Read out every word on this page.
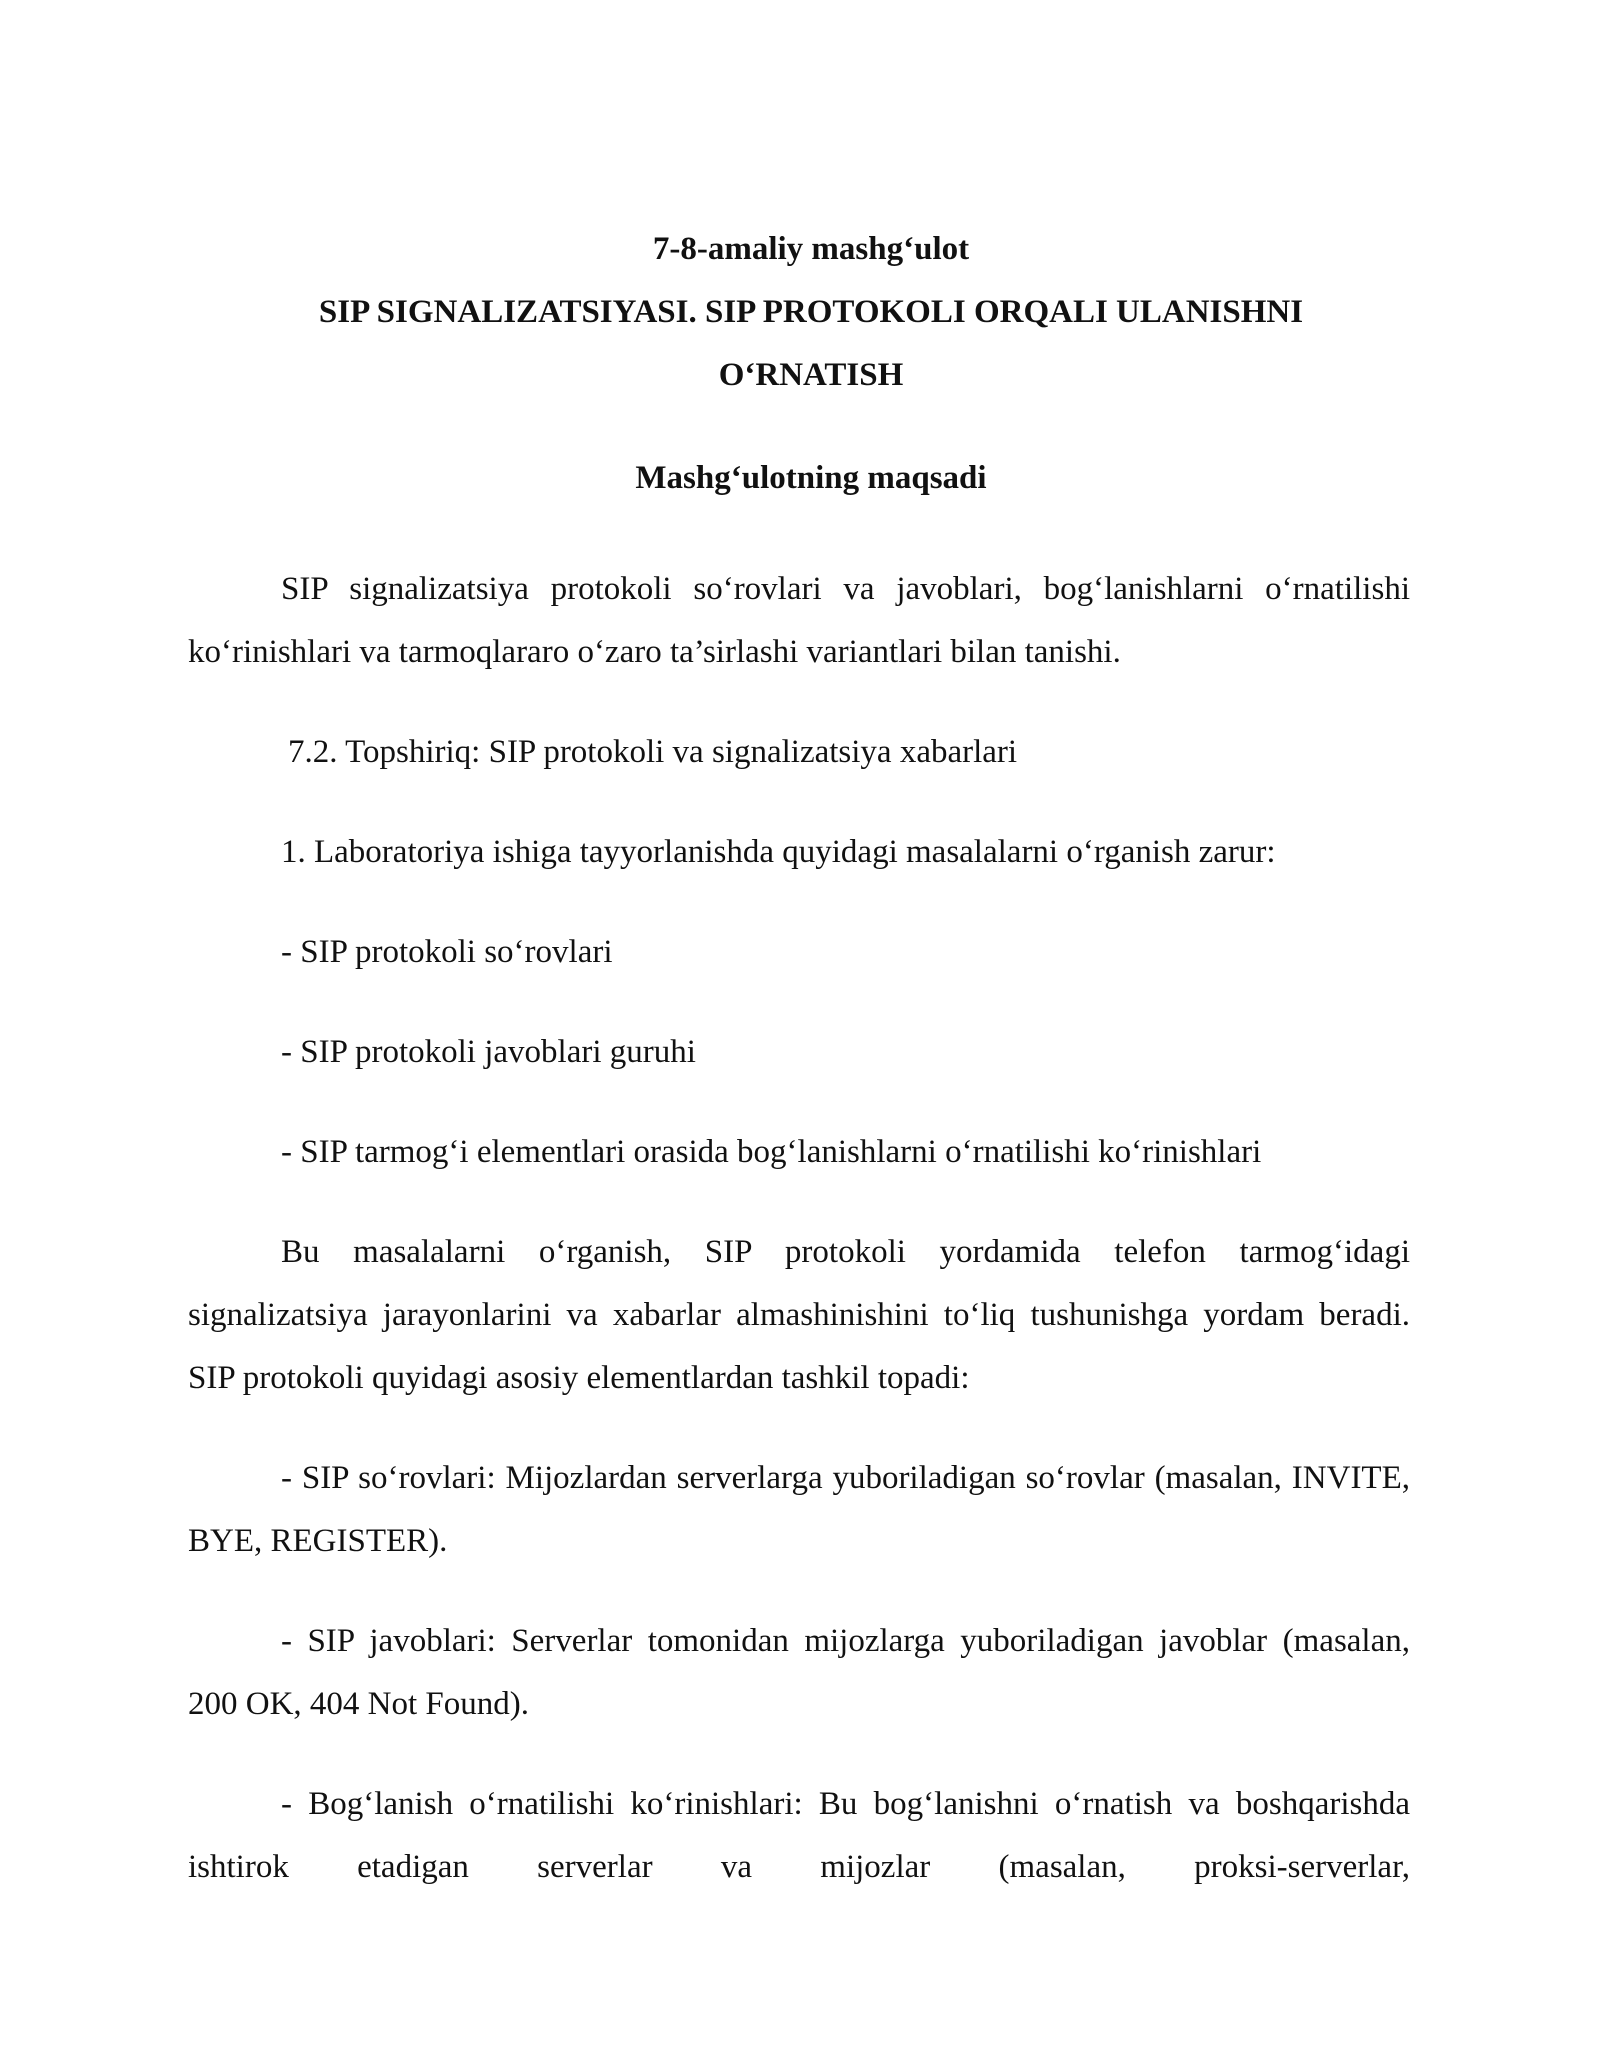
7-8-amaliy mashg‘ulot
SIP SIGNALIZATSIYASI. SIP PROTOKOLI ORQALI ULANISHNI
O‘RNATISH
Mashg‘ulotning maqsadi

SIP signalizatsiya protokoli so‘rovlari va javoblari, bog‘lanishlarni o‘rnatilishi ko‘rinishlari va tarmoqlararo o‘zaro ta’sirlashi variantlari bilan tanishi.

7.2. Topshiriq: SIP protokoli va signalizatsiya xabarlari

1. Laboratoriya ishiga tayyorlanishda quyidagi masalalarni o‘rganish zarur:

- SIP protokoli so‘rovlari

- SIP protokoli javoblari guruhi

- SIP tarmog‘i elementlari orasida bog‘lanishlarni o‘rnatilishi ko‘rinishlari

Bu masalalarni o‘rganish, SIP protokoli yordamida telefon tarmog‘idagi signalizatsiya jarayonlarini va xabarlar almashinishini to‘liq tushunishga yordam beradi. SIP protokoli quyidagi asosiy elementlardan tashkil topadi:

- SIP so‘rovlari: Mijozlardan serverlarga yuboriladigan so‘rovlar (masalan, INVITE, BYE, REGISTER).

- SIP javoblari: Serverlar tomonidan mijozlarga yuboriladigan javoblar (masalan, 200 OK, 404 Not Found).

- Bog‘lanish o‘rnatilishi ko‘rinishlari: Bu bog‘lanishni o‘rnatish va boshqarishda ishtirok etadigan serverlar va mijozlar (masalan, proksi-serverlar,
